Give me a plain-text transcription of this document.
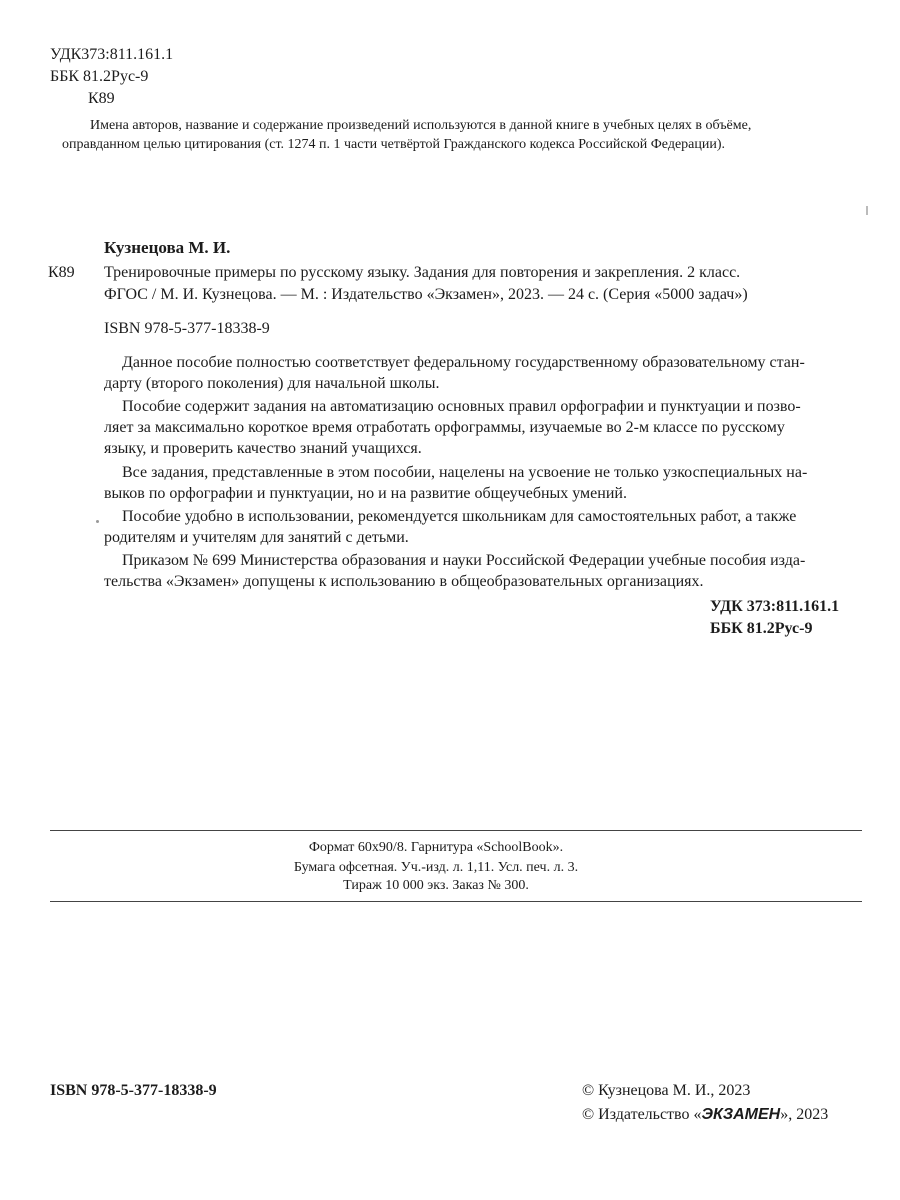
УДК373:811.161.1
ББК 81.2Рус-9
К89
Имена авторов, название и содержание произведений используются в данной книге в учебных целях в объёме,
оправданном целью цитирования (ст. 1274 п. 1 части четвёртой Гражданского кодекса Российской Федерации).
Кузнецова М. И.
К89 Тренировочные примеры по русскому языку. Задания для повторения и закрепления. 2 класс.
ФГОС / М. И. Кузнецова. — М. : Издательство «Экзамен», 2023. — 24 с. (Серия «5000 задач»)
ISBN 978-5-377-18338-9
Данное пособие полностью соответствует федеральному государственному образовательному стан-
дарту (второго поколения) для начальной школы.
Пособие содержит задания на автоматизацию основных правил орфографии и пунктуации и позво-
ляет за максимально короткое время отработать орфограммы, изучаемые во 2-м классе по русскому
языку, и проверить качество знаний учащихся.
Все задания, представленные в этом пособии, нацелены на усвоение не только узкоспециальных на-
выков по орфографии и пунктуации, но и на развитие общеучебных умений.
Пособие удобно в использовании, рекомендуется школьникам для самостоятельных работ, а также
родителям и учителям для занятий с детьми.
Приказом № 699 Министерства образования и науки Российской Федерации учебные пособия изда-
тельства «Экзамен» допущены к использованию в общеобразовательных организациях.
УДК 373:811.161.1
ББК 81.2Рус-9
Формат 60х90/8. Гарнитура «SchoolBook».
Бумага офсетная. Уч.-изд. л. 1,11. Усл. печ. л. 3.
Тираж 10 000 экз. Заказ № 300.
ISBN 978-5-377-18338-9	© Кузнецова М. И., 2023
© Издательство «ЭКЗАМЕН», 2023
